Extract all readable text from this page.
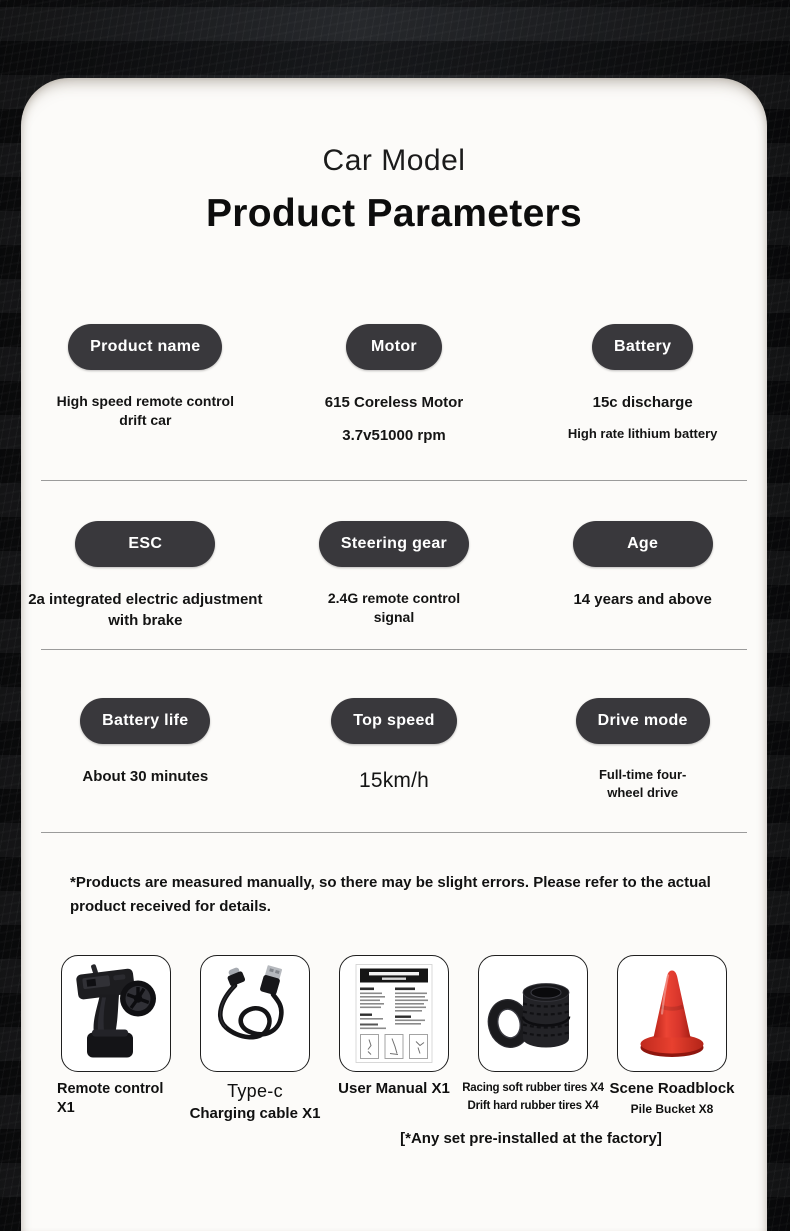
Car Model
Product Parameters
Product name
High speed remote control
drift car
Motor
615 Coreless Motor
3.7v51000 rpm
Battery
15c discharge
High rate lithium battery
ESC
2a integrated electric adjustment
with brake
Steering gear
2.4G remote control
signal
Age
14 years and above
Battery life
About 30 minutes
Top speed
15km/h
Drive mode
Full-time four-
wheel drive
*Products are measured manually, so there may be slight errors. Please refer to the actual product received for details.
Remote control
X1
Type-c
Charging cable X1
User Manual X1	Racing soft rubber tires X4
Drift hard rubber tires X4
Scene Roadblock
Pile Bucket X8
[*Any set pre-installed at the factory]
